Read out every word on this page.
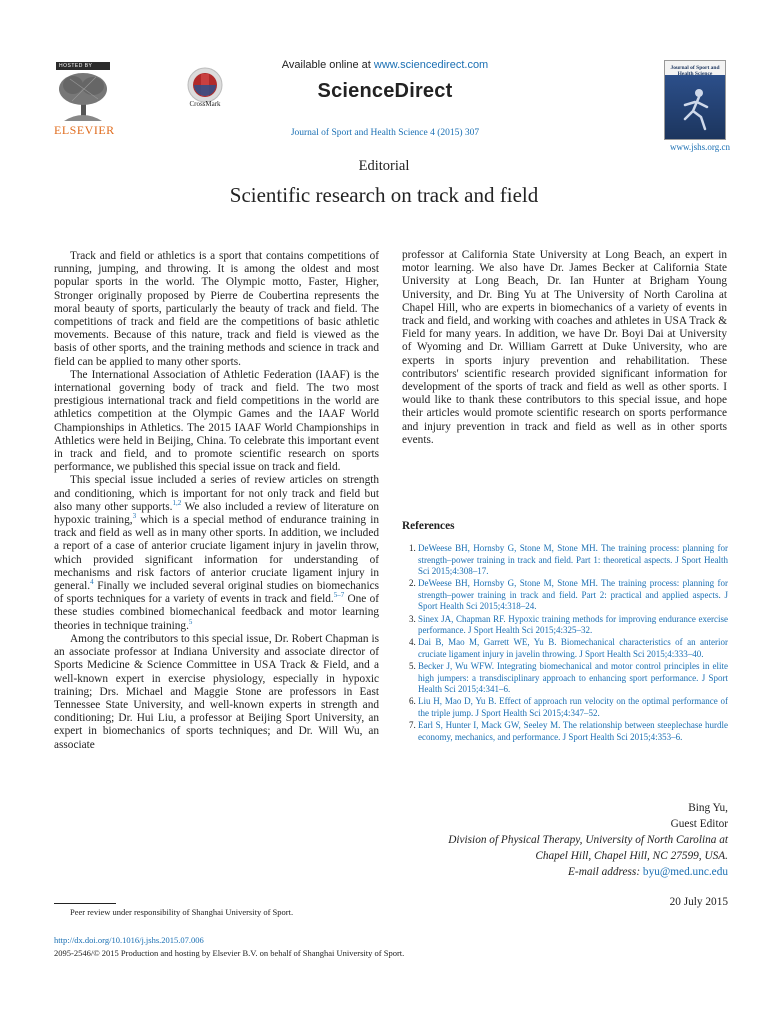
HOSTED BY
ELSEVIER
CrossMark
Available online at www.sciencedirect.com
ScienceDirect
Journal of Sport and Health Science 4 (2015) 307
Journal of Sport and Health Science
www.jshs.org.cn
Editorial
Scientific research on track and field

Track and field or athletics is a sport that contains competitions of running, jumping, and throwing. It is among the oldest and most popular sports in the world. The Olympic motto, Faster, Higher, Stronger originally proposed by Pierre de Coubertina represents the moral beauty of sports, particularly the beauty of track and field. The competitions of track and field are the competitions of basic athletic movements. Because of this nature, track and field is viewed as the basis of other sports, and the training methods and science in track and field can be applied to many other sports.

The International Association of Athletic Federation (IAAF) is the international governing body of track and field. The two most prestigious international track and field competitions in the world are athletics competition at the Olympic Games and the IAAF World Championships in Athletics. The 2015 IAAF World Championships in Athletics were held in Beijing, China. To celebrate this important event in track and field, and to promote scientific research on sports performance, we published this special issue on track and field.

This special issue included a series of review articles on strength and conditioning, which is important for not only track and field but also many other supports.$^{1,2}$ We also included a review of literature on hypoxic training,$^3$ which is a special method of endurance training in track and field as well as in many other sports. In addition, we included a report of a case of anterior cruciate ligament injury in javelin throw, which provided significant information for understanding of mechanisms and risk factors of anterior cruciate ligament injury in general.$^4$ Finally we included several original studies on biomechanics of sports techniques for a variety of events in track and field.$^{5-7}$ One of these studies combined biomechanical feedback and motor learning theories in technique training.$^5$

Among the contributors to this special issue, Dr. Robert Chapman is an associate professor at Indiana University and associate director of Sports Medicine & Science Committee in USA Track & Field, and a well-known expert in exercise physiology, especially in hypoxic training; Drs. Michael and Maggie Stone are professors in East Tennessee State University, and well-known experts in strength and conditioning; Dr. Hui Liu, a professor at Beijing Sport University, an expert in biomechanics of sports techniques; and Dr. Will Wu, an associate

professor at California State University at Long Beach, an expert in motor learning. We also have Dr. James Becker at California State University at Long Beach, Dr. Ian Hunter at Brigham Young University, and Dr. Bing Yu at The University of North Carolina at Chapel Hill, who are experts in biomechanics of a variety of events in track and field, and working with coaches and athletes in USA Track & Field for many years. In addition, we have Dr. Boyi Dai at University of Wyoming and Dr. William Garrett at Duke University, who are experts in sports injury prevention and rehabilitation. These contributors' scientific research provided significant information for development of the sports of track and field as well as other sports. I would like to thank these contributors to this special issue, and hope their articles would promote scientific research on sports performance and injury prevention in track and field as well as in other sports events.

References
1. DeWeese BH, Hornsby G, Stone M, Stone MH. The training process: planning for strength–power training in track and field. Part 1: theoretical aspects. J Sport Health Sci 2015;4:308–17.
2. DeWeese BH, Hornsby G, Stone M, Stone MH. The training process: planning for strength–power training in track and field. Part 2: practical and applied aspects. J Sport Health Sci 2015;4:318–24.
3. Sinex JA, Chapman RF. Hypoxic training methods for improving endurance exercise performance. J Sport Health Sci 2015;4:325–32.
4. Dai B, Mao M, Garrett WE, Yu B. Biomechanical characteristics of an anterior cruciate ligament injury in javelin throwing. J Sport Health Sci 2015;4:333–40.
5. Becker J, Wu WFW. Integrating biomechanical and motor control principles in elite high jumpers: a transdisciplinary approach to enhancing sport performance. J Sport Health Sci 2015;4:341–6.
6. Liu H, Mao D, Yu B. Effect of approach run velocity on the optimal performance of the triple jump. J Sport Health Sci 2015;4:347–52.
7. Earl S, Hunter I, Mack GW, Seeley M. The relationship between steeplechase hurdle economy, mechanics, and performance. J Sport Health Sci 2015;4:353–6.
Bing Yu,
Guest Editor
Division of Physical Therapy, University of North Carolina at
Chapel Hill, Chapel Hill, NC 27599, USA.
E-mail address: byu@med.unc.edu
20 July 2015
Peer review under responsibility of Shanghai University of Sport.
http://dx.doi.org/10.1016/j.jshs.2015.07.006
2095-2546/© 2015 Production and hosting by Elsevier B.V. on behalf of Shanghai University of Sport.
